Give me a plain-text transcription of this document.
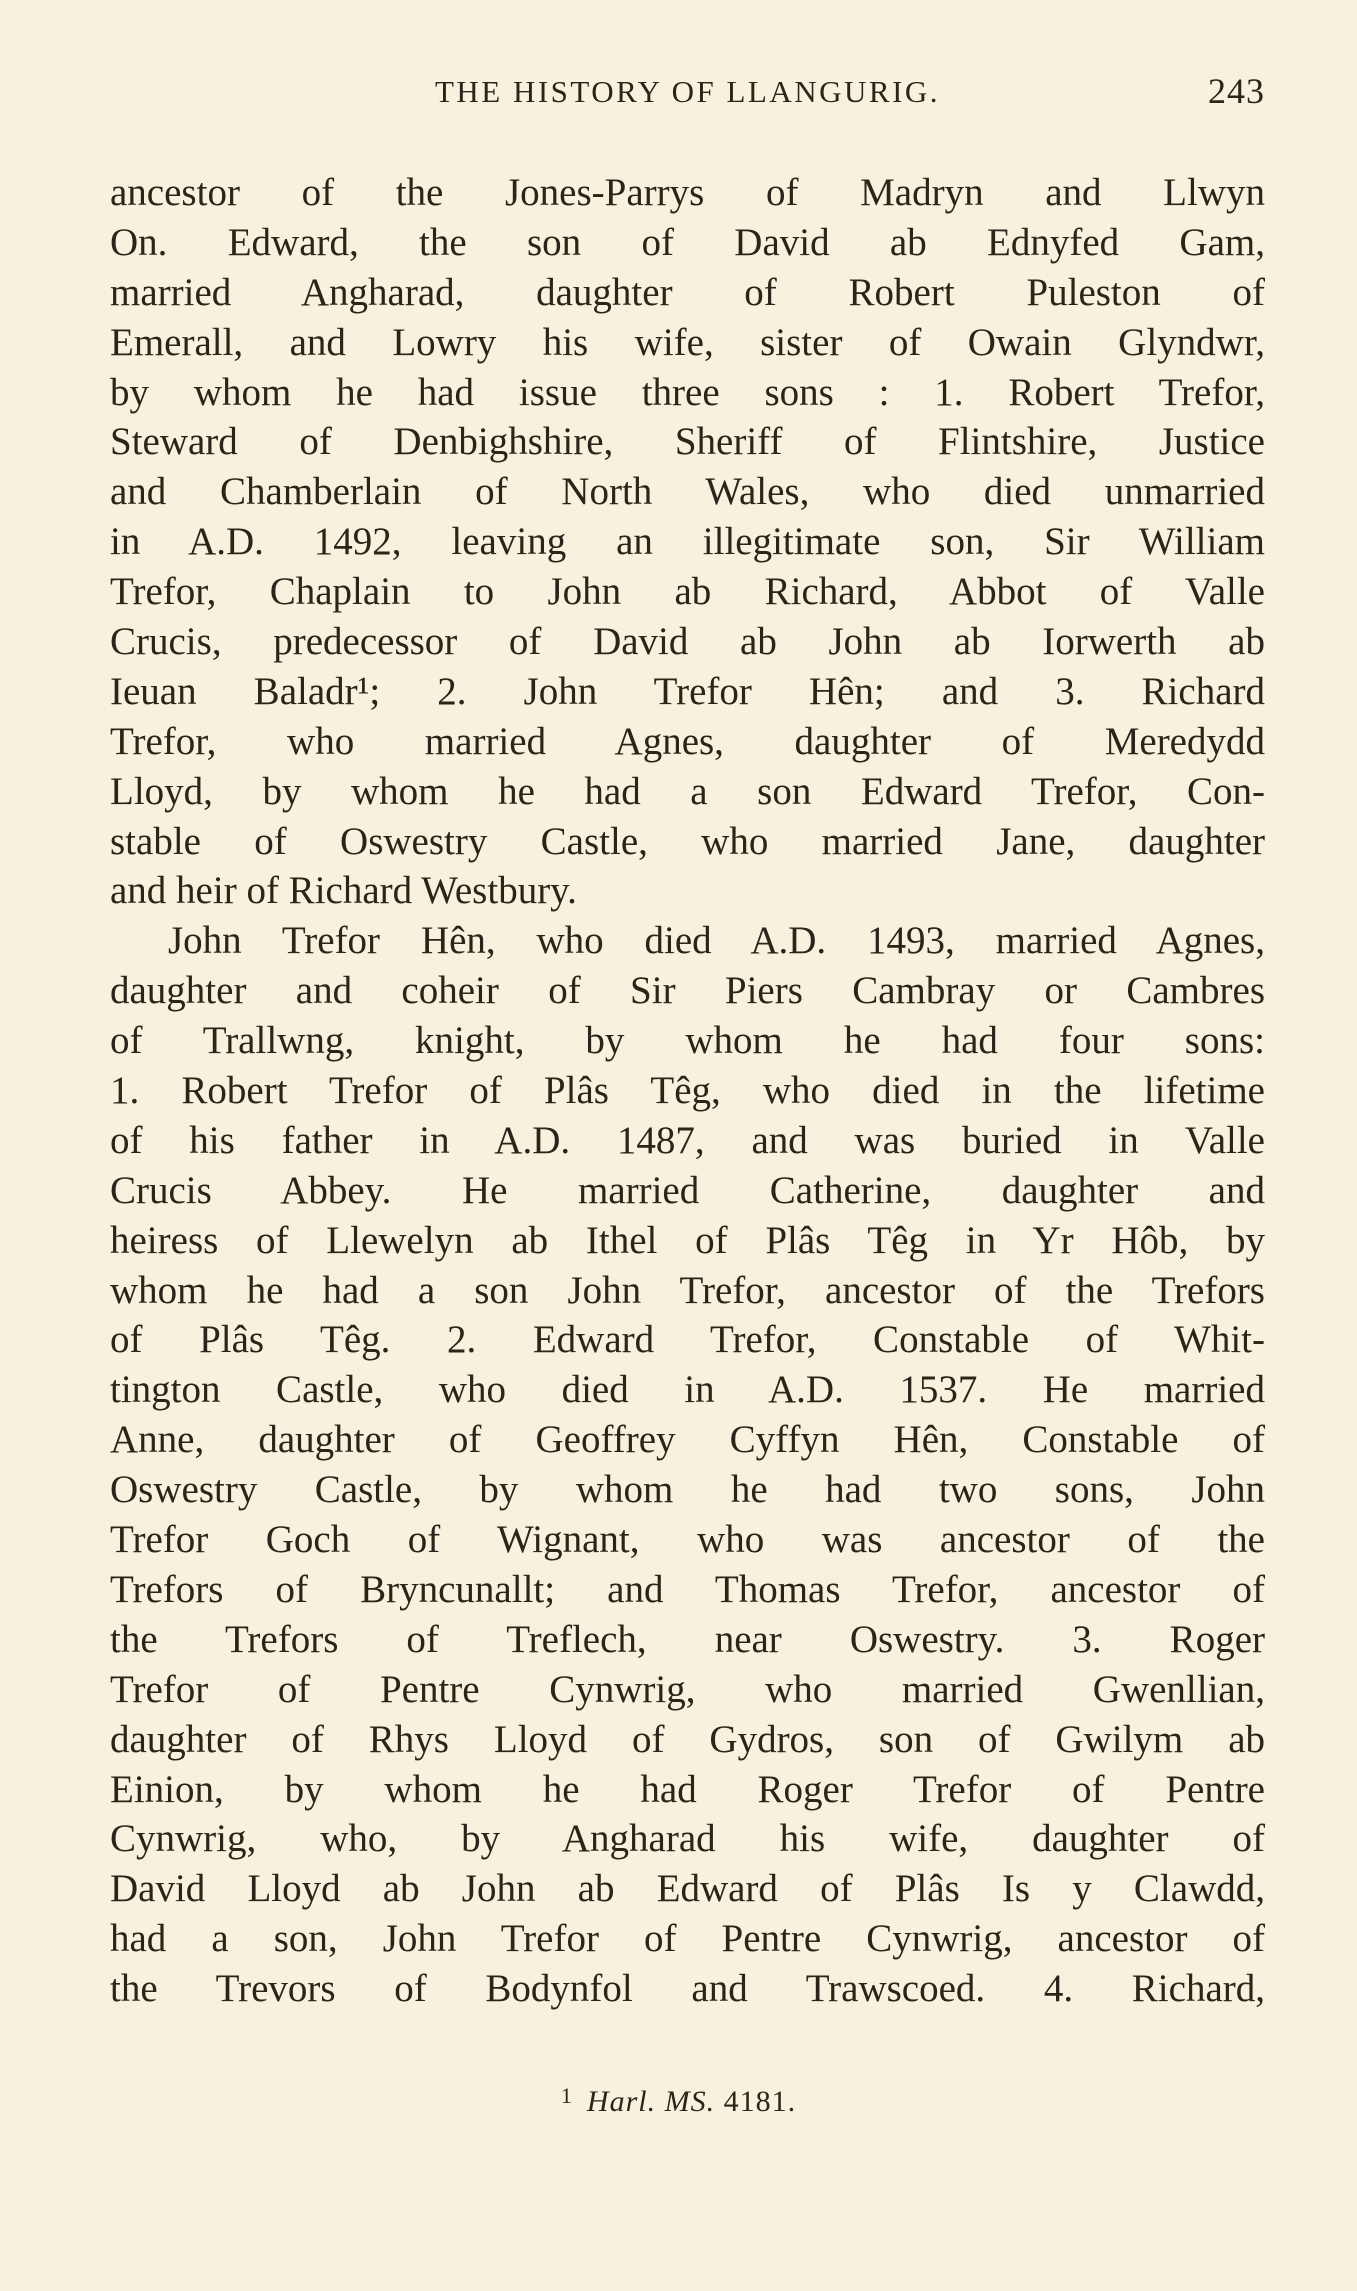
THE HISTORY OF LLANGURIG.	243
ancestor of the Jones-Parrys of Madryn and Llwyn
On. Edward, the son of David ab Ednyfed Gam,
married Angharad, daughter of Robert Puleston of
Emerall, and Lowry his wife, sister of Owain Glyndwr,
by whom he had issue three sons : 1. Robert Trefor,
Steward of Denbighshire, Sheriff of Flintshire, Justice
and Chamberlain of North Wales, who died unmarried
in A.D. 1492, leaving an illegitimate son, Sir William
Trefor, Chaplain to John ab Richard, Abbot of Valle
Crucis, predecessor of David ab John ab Iorwerth ab
Ieuan Baladr¹; 2. John Trefor Hên; and 3. Richard
Trefor, who married Agnes, daughter of Meredydd
Lloyd, by whom he had a son Edward Trefor, Con-
stable of Oswestry Castle, who married Jane, daughter
and heir of Richard Westbury.
John Trefor Hên, who died A.D. 1493, married Agnes,
daughter and coheir of Sir Piers Cambray or Cambres
of Trallwng, knight, by whom he had four sons:
1. Robert Trefor of Plâs Têg, who died in the lifetime
of his father in A.D. 1487, and was buried in Valle
Crucis Abbey. He married Catherine, daughter and
heiress of Llewelyn ab Ithel of Plâs Têg in Yr Hôb, by
whom he had a son John Trefor, ancestor of the Trefors
of Plâs Têg. 2. Edward Trefor, Constable of Whit-
tington Castle, who died in A.D. 1537. He married
Anne, daughter of Geoffrey Cyffyn Hên, Constable of
Oswestry Castle, by whom he had two sons, John
Trefor Goch of Wignant, who was ancestor of the
Trefors of Bryncunallt; and Thomas Trefor, ancestor of
the Trefors of Treflech, near Oswestry. 3. Roger
Trefor of Pentre Cynwrig, who married Gwenllian,
daughter of Rhys Lloyd of Gydros, son of Gwilym ab
Einion, by whom he had Roger Trefor of Pentre
Cynwrig, who, by Angharad his wife, daughter of
David Lloyd ab John ab Edward of Plâs Is y Clawdd,
had a son, John Trefor of Pentre Cynwrig, ancestor of
the Trevors of Bodynfol and Trawscoed. 4. Richard,
$^1$ Harl. MS. 4181.
